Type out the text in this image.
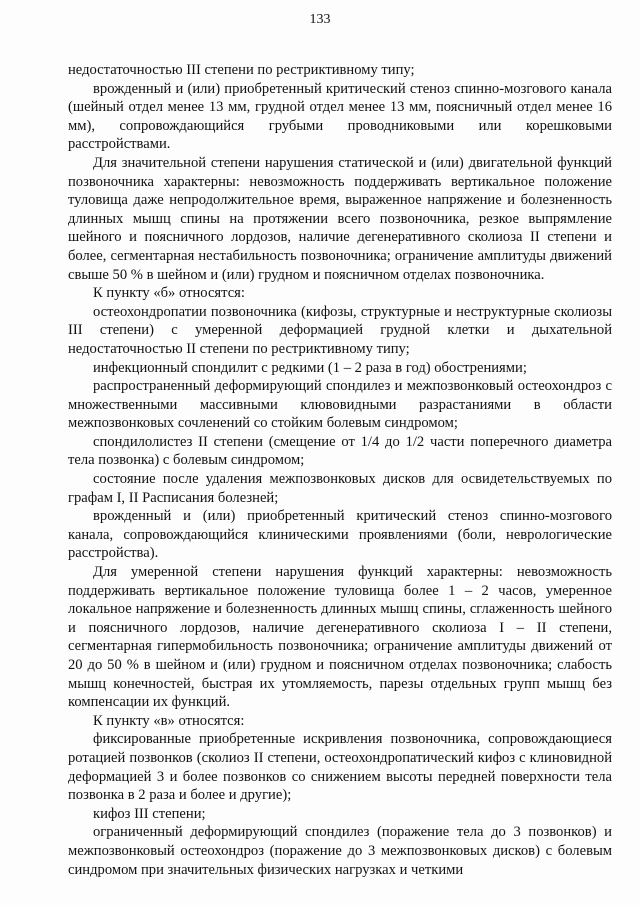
133

недостаточностью III степени по рестриктивному типу;

врожденный и (или) приобретенный критический стеноз спинно-мозгового канала (шейный отдел менее 13 мм, грудной отдел менее 13 мм, поясничный отдел менее 16 мм), сопровождающийся грубыми проводниковыми или корешковыми расстройствами.

Для значительной степени нарушения статической и (или) двигательной функций позвоночника характерны: невозможность поддерживать вертикальное положение туловища даже непродолжительное время, выраженное напряжение и болезненность длинных мышц спины на протяжении всего позвоночника, резкое выпрямление шейного и поясничного лордозов, наличие дегенеративного сколиоза II степени и более, сегментарная нестабильность позвоночника; ограничение амплитуды движений свыше 50 % в шейном и (или) грудном и поясничном отделах позвоночника.

К пункту «б» относятся:

остеохондропатии позвоночника (кифозы, структурные и неструктурные сколиозы III степени) с умеренной деформацией грудной клетки и дыхательной недостаточностью II степени по рестриктивному типу;

инфекционный спондилит с редкими (1 – 2 раза в год) обострениями;

распространенный деформирующий спондилез и межпозвонковый остеохондроз с множественными массивными клювовидными разрастаниями в области межпозвонковых сочленений со стойким болевым синдромом;

спондилолистез II степени (смещение от 1/4 до 1/2 части поперечного диаметра тела позвонка) с болевым синдромом;

состояние после удаления межпозвонковых дисков для освидетельствуемых по графам I, II Расписания болезней;

врожденный и (или) приобретенный критический стеноз спинно-мозгового канала, сопровождающийся клиническими проявлениями (боли, неврологические расстройства).

Для умеренной степени нарушения функций характерны: невозможность поддерживать вертикальное положение туловища более 1 – 2 часов, умеренное локальное напряжение и болезненность длинных мышц спины, сглаженность шейного и поясничного лордозов, наличие дегенеративного сколиоза I – II степени, сегментарная гипермобильность позвоночника; ограничение амплитуды движений от 20 до 50 % в шейном и (или) грудном и поясничном отделах позвоночника; слабость мышц конечностей, быстрая их утомляемость, парезы отдельных групп мышц без компенсации их функций.

К пункту «в» относятся:

фиксированные приобретенные искривления позвоночника, сопровождающиеся ротацией позвонков (сколиоз II степени, остеохондропатический кифоз с клиновидной деформацией 3 и более позвонков со снижением высоты передней поверхности тела позвонка в 2 раза и более и другие);

кифоз III степени;

ограниченный деформирующий спондилез (поражение тела до 3 позвонков) и межпозвонковый остеохондроз (поражение до 3 межпозвонковых дисков) с болевым синдромом при значительных физических нагрузках и четкими
